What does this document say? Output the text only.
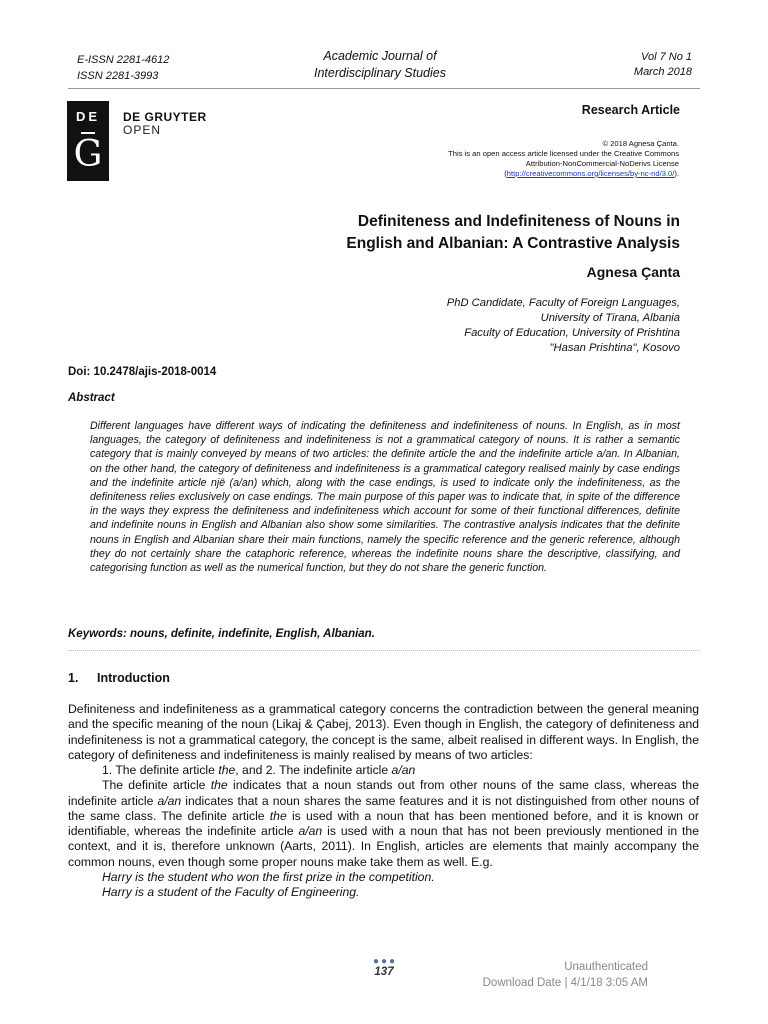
E-ISSN 2281-4612
ISSN 2281-3993
Academic Journal of
Interdisciplinary Studies
Vol 7 No 1
March 2018
DE
G
DE GRUYTER
OPEN
Research Article
© 2018 Agnesa Çanta.
This is an open access article licensed under the Creative Commons
Attribution-NonCommercial-NoDerivs License
(http://creativecommons.org/licenses/by-nc-nd/3.0/).
Definiteness and Indefiniteness of Nouns in
English and Albanian: A Contrastive Analysis
Agnesa Çanta
PhD Candidate, Faculty of Foreign Languages,
University of Tirana, Albania
Faculty of Education, University of Prishtina
"Hasan Prishtina", Kosovo
Doi: 10.2478/ajis-2018-0014
Abstract

Different languages have different ways of indicating the definiteness and indefiniteness of nouns. In English, as in most languages, the category of definiteness and indefiniteness is not a grammatical category of nouns. It is rather a semantic category that is mainly conveyed by means of two articles: the definite article the and the indefinite article a/an. In Albanian, on the other hand, the category of definiteness and indefiniteness is a grammatical category realised mainly by case endings and the indefinite article një (a/an) which, along with the case endings, is used to indicate only the indefiniteness, as the definiteness relies exclusively on case endings. The main purpose of this paper was to indicate that, in spite of the difference in the ways they express the definiteness and indefiniteness which account for some of their functional differences, definite and indefinite nouns in English and Albanian also show some similarities. The contrastive analysis indicates that the definite nouns in English and Albanian share their main functions, namely the specific reference and the generic reference, although they do not certainly share the cataphoric reference, whereas the indefinite nouns share the descriptive, classifying, and categorising function as well as the numerical function, but they do not share the generic function.

Keywords: nouns, definite, indefinite, English, Albanian.
1. Introduction

Definiteness and indefiniteness as a grammatical category concerns the contradiction between the general meaning and the specific meaning of the noun (Likaj & Çabej, 2013). Even though in English, the category of definiteness and indefiniteness is not a grammatical category, the concept is the same, albeit realised in different ways. In English, the category of definiteness and indefiniteness is mainly realised by means of two articles:

1. The definite article the, and 2. The indefinite article a/an

The definite article the indicates that a noun stands out from other nouns of the same class, whereas the indefinite article a/an indicates that a noun shares the same features and it is not distinguished from other nouns of the same class. The definite article the is used with a noun that has been mentioned before, and it is known or identifiable, whereas the indefinite article a/an is used with a noun that has not been previously mentioned in the context, and it is, therefore unknown (Aarts, 2011). In English, articles are elements that mainly accompany the common nouns, even though some proper nouns make take them as well. E.g.

Harry is the student who won the first prize in the competition.

Harry is a student of the Faculty of Engineering.

●●●
137	Unauthenticated
Download Date | 4/1/18 3:05 AM
